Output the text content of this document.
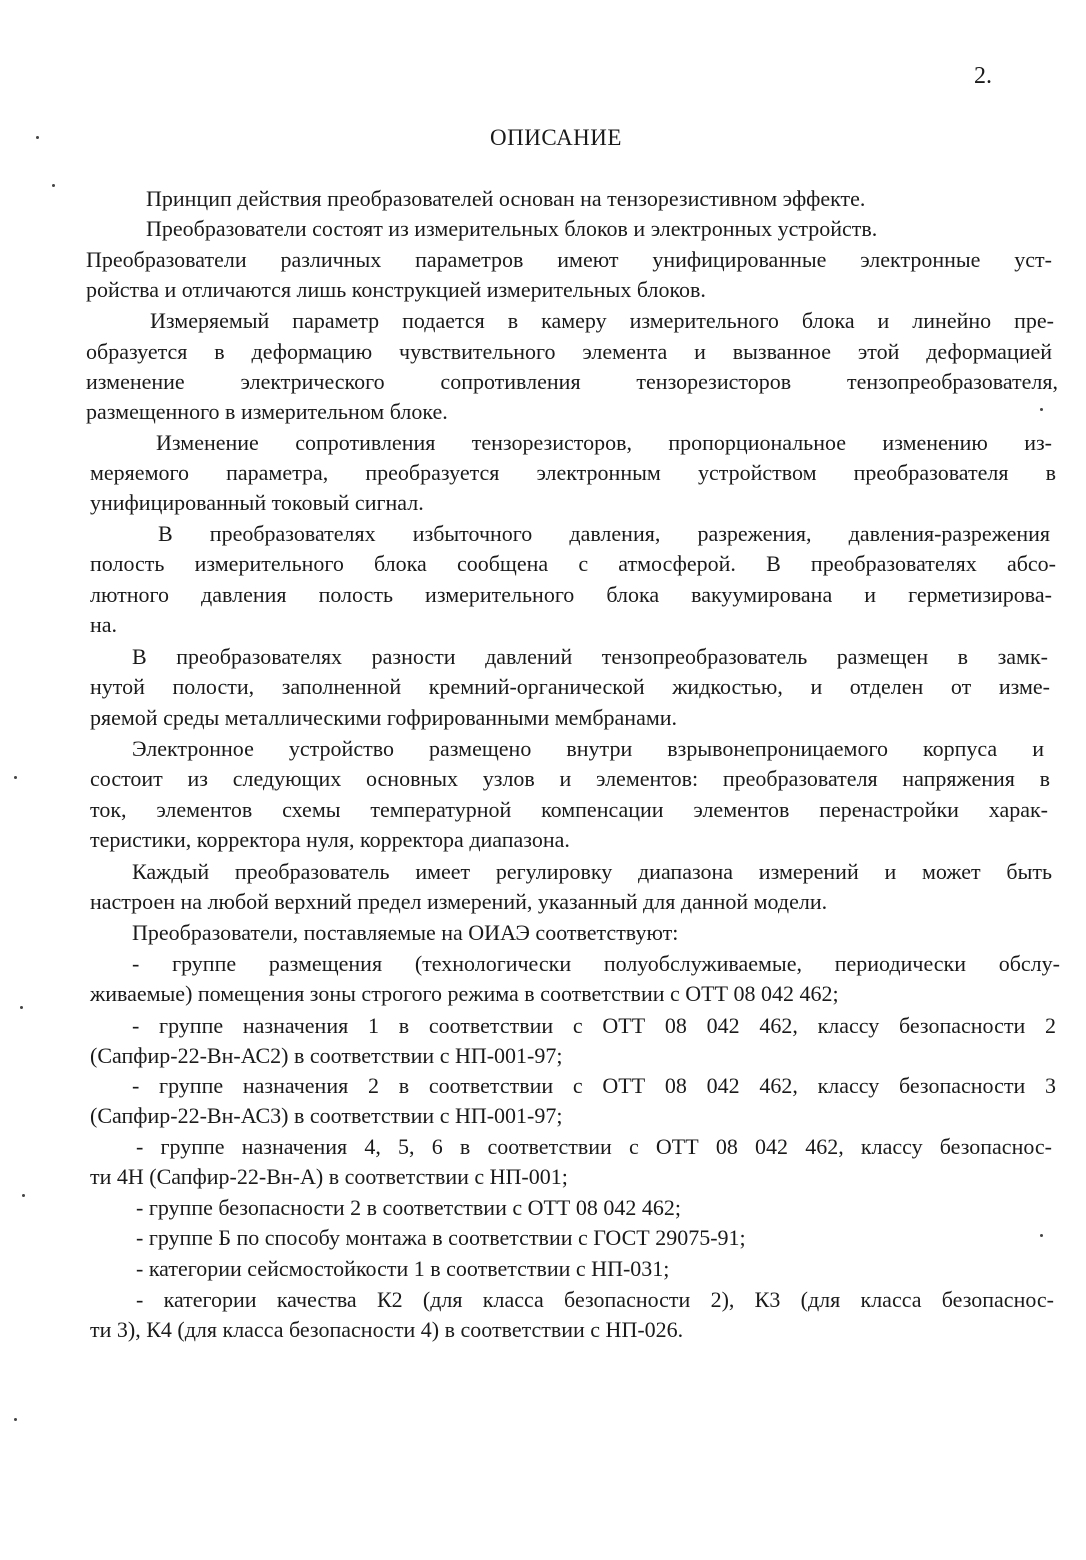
2.
ОПИСАНИЕ

Принцип действия преобразователей основан на тензорезистивном эффекте.

Преобразователи состоят из измерительных блоков и электронных устройств.

Преобразователи различных параметров имеют унифицированные электронные уст-

ройства и отличаются лишь конструкцией измерительных блоков.

Измеряемый параметр подается в камеру измерительного блока и линейно пре-

образуется в деформацию чувствительного элемента и вызванное этой деформацией

изменение электрического сопротивления тензорезисторов тензопреобразователя,

размещенного в измерительном блоке.

Изменение сопротивления тензорезисторов, пропорциональное изменению из-

меряемого параметра, преобразуется электронным устройством преобразователя в

унифицированный токовый сигнал.

В преобразователях избыточного давления, разрежения, давления-разрежения

полость измерительного блока сообщена с атмосферой. В преобразователях абсо-

лютного давления полость измерительного блока вакуумирована и герметизирова-

на.

В преобразователях разности давлений тензопреобразователь размещен в замк-

нутой полости, заполненной кремний-органической жидкостью, и отделен от изме-

ряемой среды металлическими гофрированными мембранами.

Электронное устройство размещено внутри взрывонепроницаемого корпуса и

состоит из следующих основных узлов и элементов: преобразователя напряжения в

ток, элементов схемы температурной компенсации элементов перенастройки харак-

теристики, корректора нуля, корректора диапазона.

Каждый преобразователь имеет регулировку диапазона измерений и может быть

настроен на любой верхний предел измерений, указанный для данной модели.

Преобразователи, поставляемые на ОИАЭ соответствуют:

- группе размещения (технологически полуобслуживаемые, периодически обслу-

живаемые) помещения зоны строгого режима в соответствии с ОТТ 08 042 462;

- группе назначения 1 в соответствии с ОТТ 08 042 462, классу безопасности 2

(Сапфир-22-Вн-АС2) в соответствии с НП-001-97;

- группе назначения 2 в соответствии с ОТТ 08 042 462, классу безопасности 3

(Сапфир-22-Вн-АС3) в соответствии с НП-001-97;

- группе назначения 4, 5, 6 в соответствии с ОТТ 08 042 462, классу безопаснос-

ти 4Н (Сапфир-22-Вн-А) в соответствии с НП-001;

- группе безопасности 2 в соответствии с ОТТ 08 042 462;

- группе Б по способу монтажа в соответствии с ГОСТ 29075-91;

- категории сейсмостойкости 1 в соответствии с НП-031;

- категории качества К2 (для класса безопасности 2), К3 (для класса безопаснос-

ти 3), К4 (для класса безопасности 4) в соответствии с НП-026.
